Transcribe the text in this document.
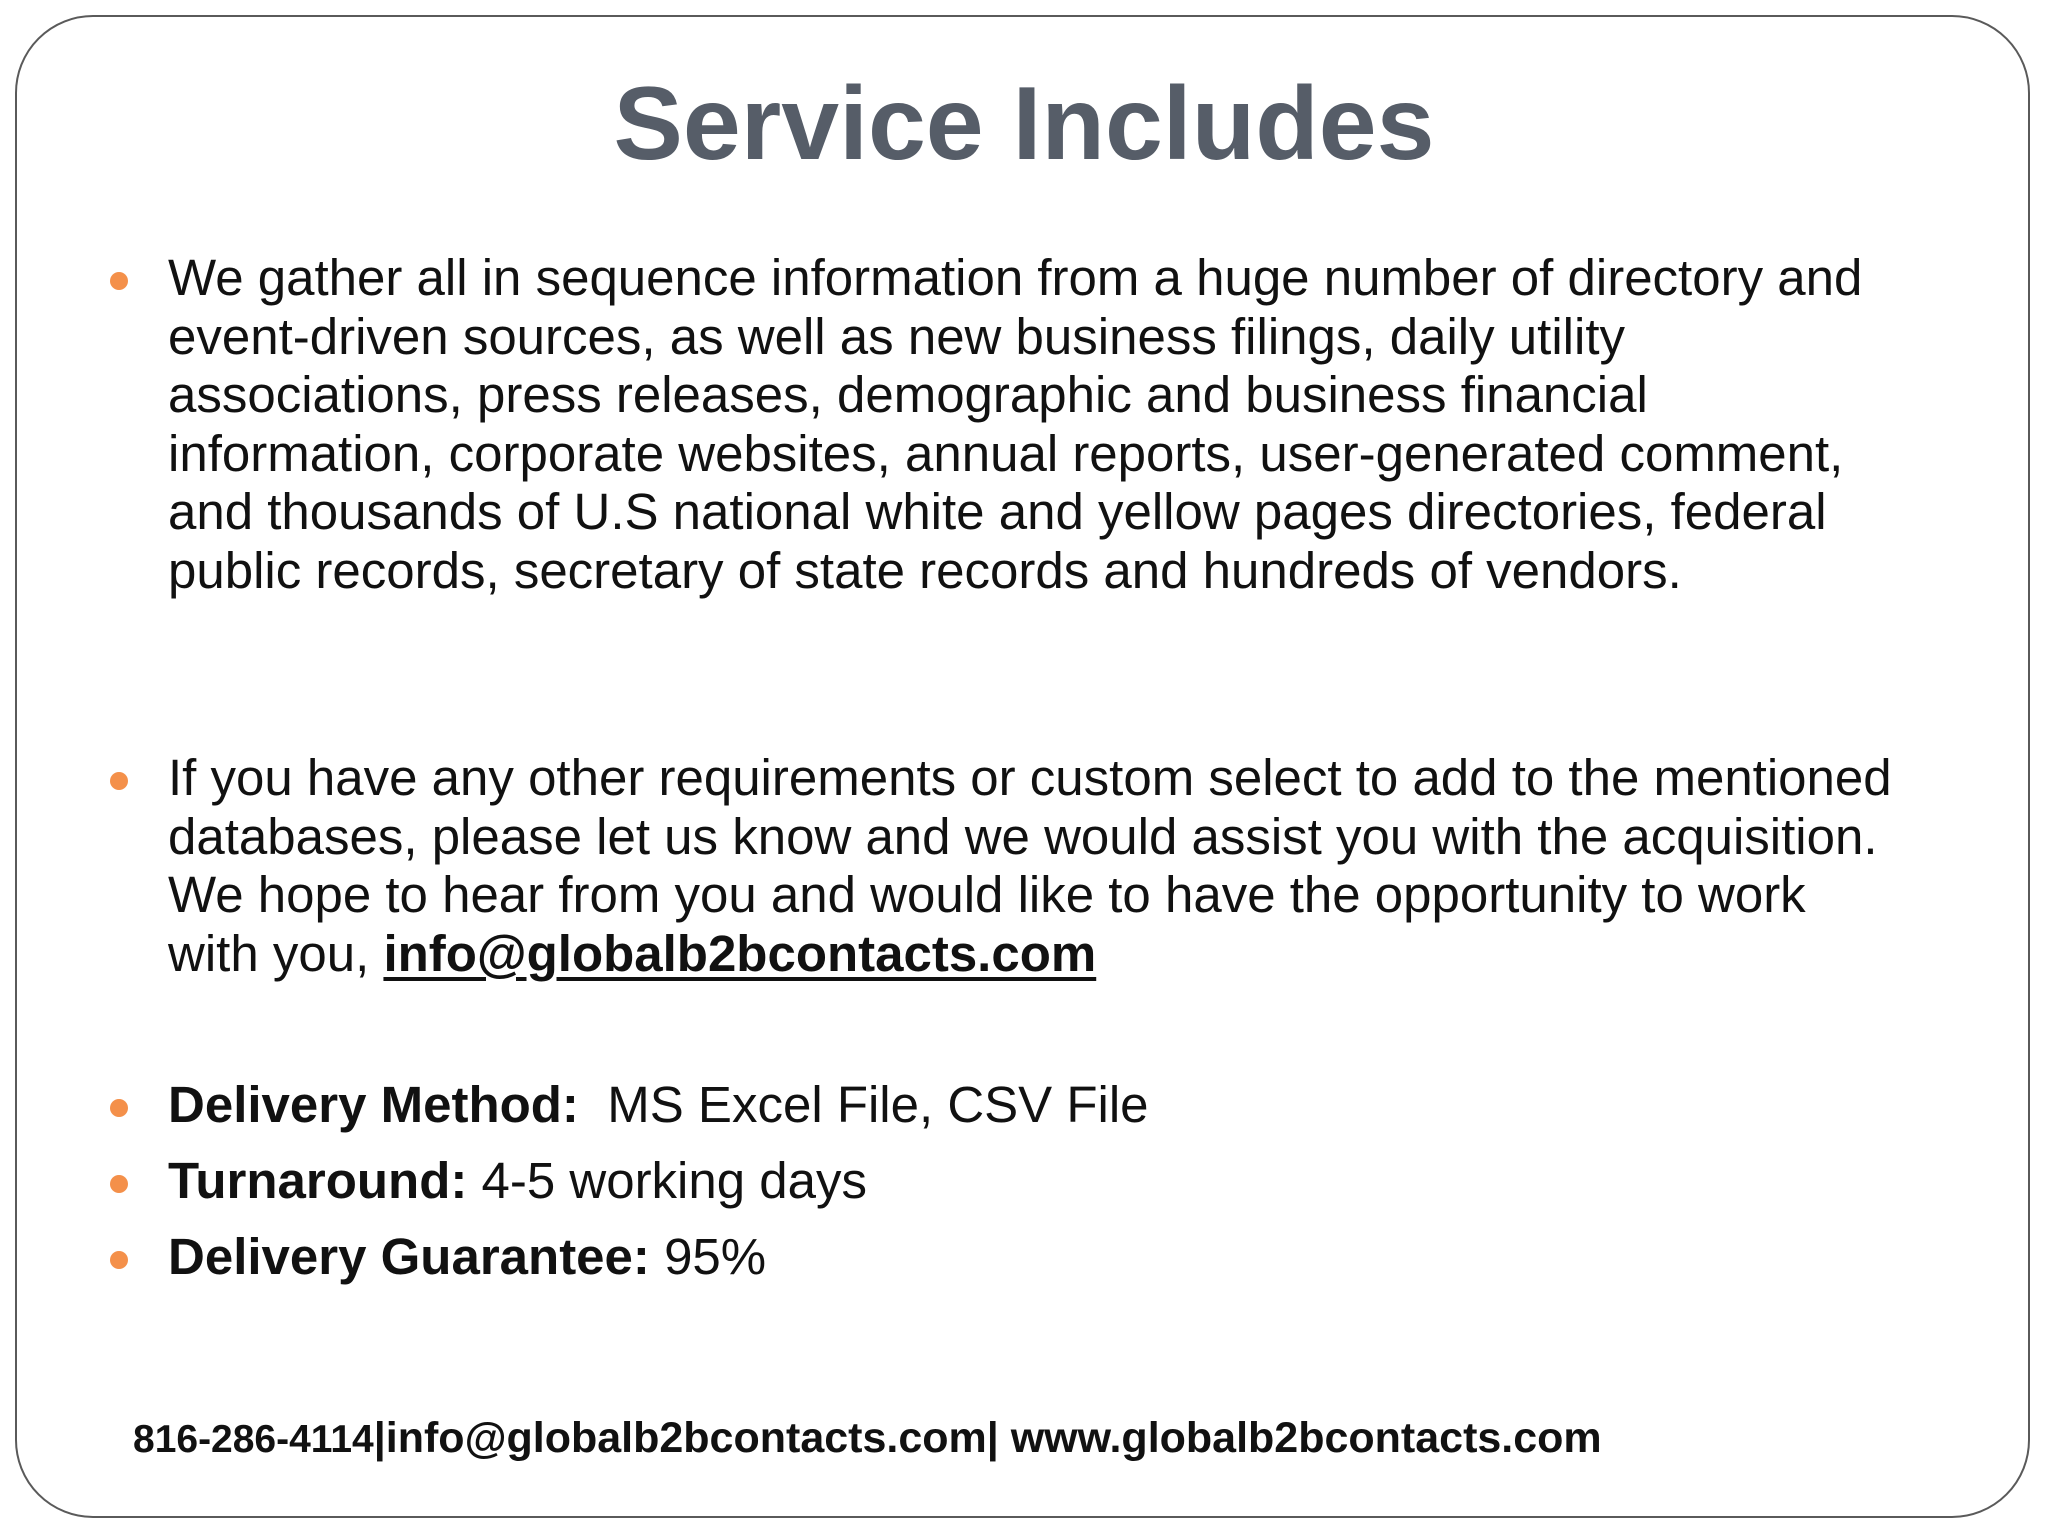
Service Includes
We gather all in sequence information from a huge number of directory and event-driven sources, as well as new business filings, daily utility associations, press releases, demographic and business financial information, corporate websites, annual reports, user-generated comment, and thousands of U.S national white and yellow pages directories, federal public records, secretary of state records and hundreds of vendors.
If you have any other requirements or custom select to add to the mentioned databases, please let us know and we would assist you with the acquisition. We hope to hear from you and would like to have the opportunity to work with you, info@globalb2bcontacts.com
Delivery Method: MS Excel File, CSV File
Turnaround: 4-5 working days
Delivery Guarantee: 95%
816-286-4114|info@globalb2bcontacts.com| www.globalb2bcontacts.com
